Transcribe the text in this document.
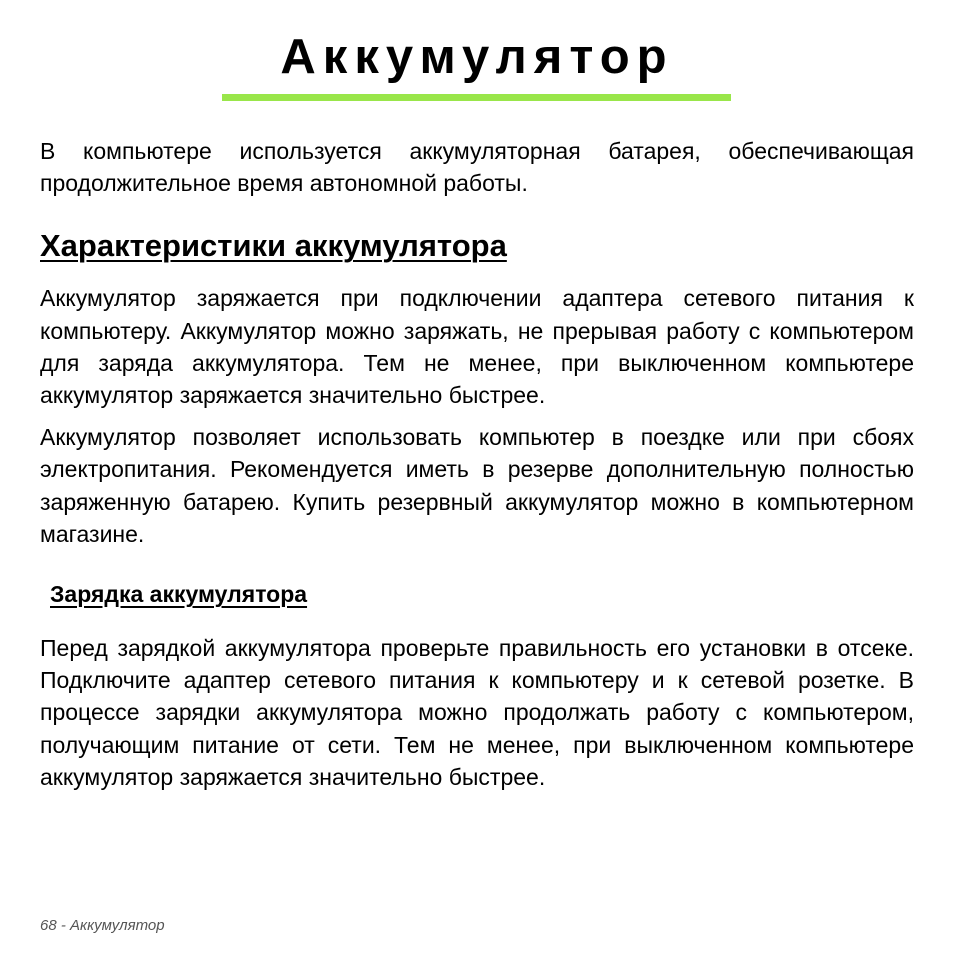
Аккумулятор

В компьютере используется аккумуляторная батарея, обеспечивающая продолжительное время автономной работы.

Характеристики аккумулятора

Аккумулятор заряжается при подключении адаптера сетевого питания к компьютеру. Аккумулятор можно заряжать, не прерывая работу с компьютером для заряда аккумулятора. Тем не менее, при выключенном компьютере аккумулятор заряжается значительно быстрее.

Аккумулятор позволяет использовать компьютер в поездке или при сбоях электропитания. Рекомендуется иметь в резерве дополнительную полностью заряженную батарею. Купить резервный аккумулятор можно в компьютерном магазине.

Зарядка аккумулятора

Перед зарядкой аккумулятора проверьте правильность его установки в отсеке. Подключите адаптер сетевого питания к компьютеру и к сетевой розетке. В процессе зарядки аккумулятора можно продолжать работу с компьютером, получающим питание от сети. Тем не менее, при выключенном компьютере аккумулятор заряжается значительно быстрее.

68 - Аккумулятор
